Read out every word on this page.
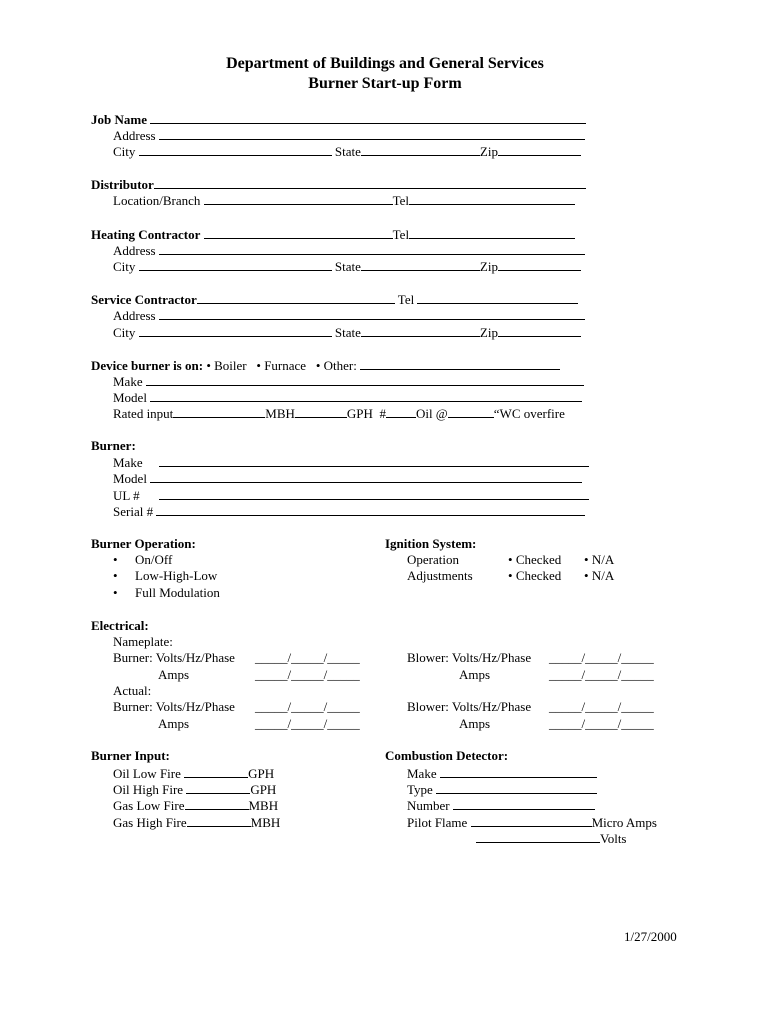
Department of Buildings and General Services
Burner Start-up Form
Job Name
Address
City	State	Zip
Distributor
Location/Branch	Tel
Heating Contractor	Tel
Address
City	State	Zip
Service Contractor	Tel
Address
City	State	Zip
Device burner is on: • Boiler • Furnace • Other:
Make
Model
Rated input	MBH	GPH # Oil @	“WC overfire
Burner:
Make
Model
UL #
Serial #
Burner Operation:
• On/Off
• Low-High-Low
• Full Modulation
Ignition System:
Operation	• Checked • N/A
Adjustments	• Checked • N/A
Electrical:
Nameplate:
Burner: Volts/Hz/Phase _____/_____/_____	Blower: Volts/Hz/Phase _____/_____/_____
Amps	_____/_____/_____	Amps	_____/_____/_____
Actual:
Burner: Volts/Hz/Phase _____/_____/_____	Blower: Volts/Hz/Phase _____/_____/_____
Amps	_____/_____/_____	Amps	_____/_____/_____
Burner Input:
Oil Low Fire	GPH
Oil High Fire	GPH
Gas Low Fire	MBH
Gas High Fire	MBH
Combustion Detector:
Make
Type
Number
Pilot Flame	Micro Amps
Volts
1/27/2000
